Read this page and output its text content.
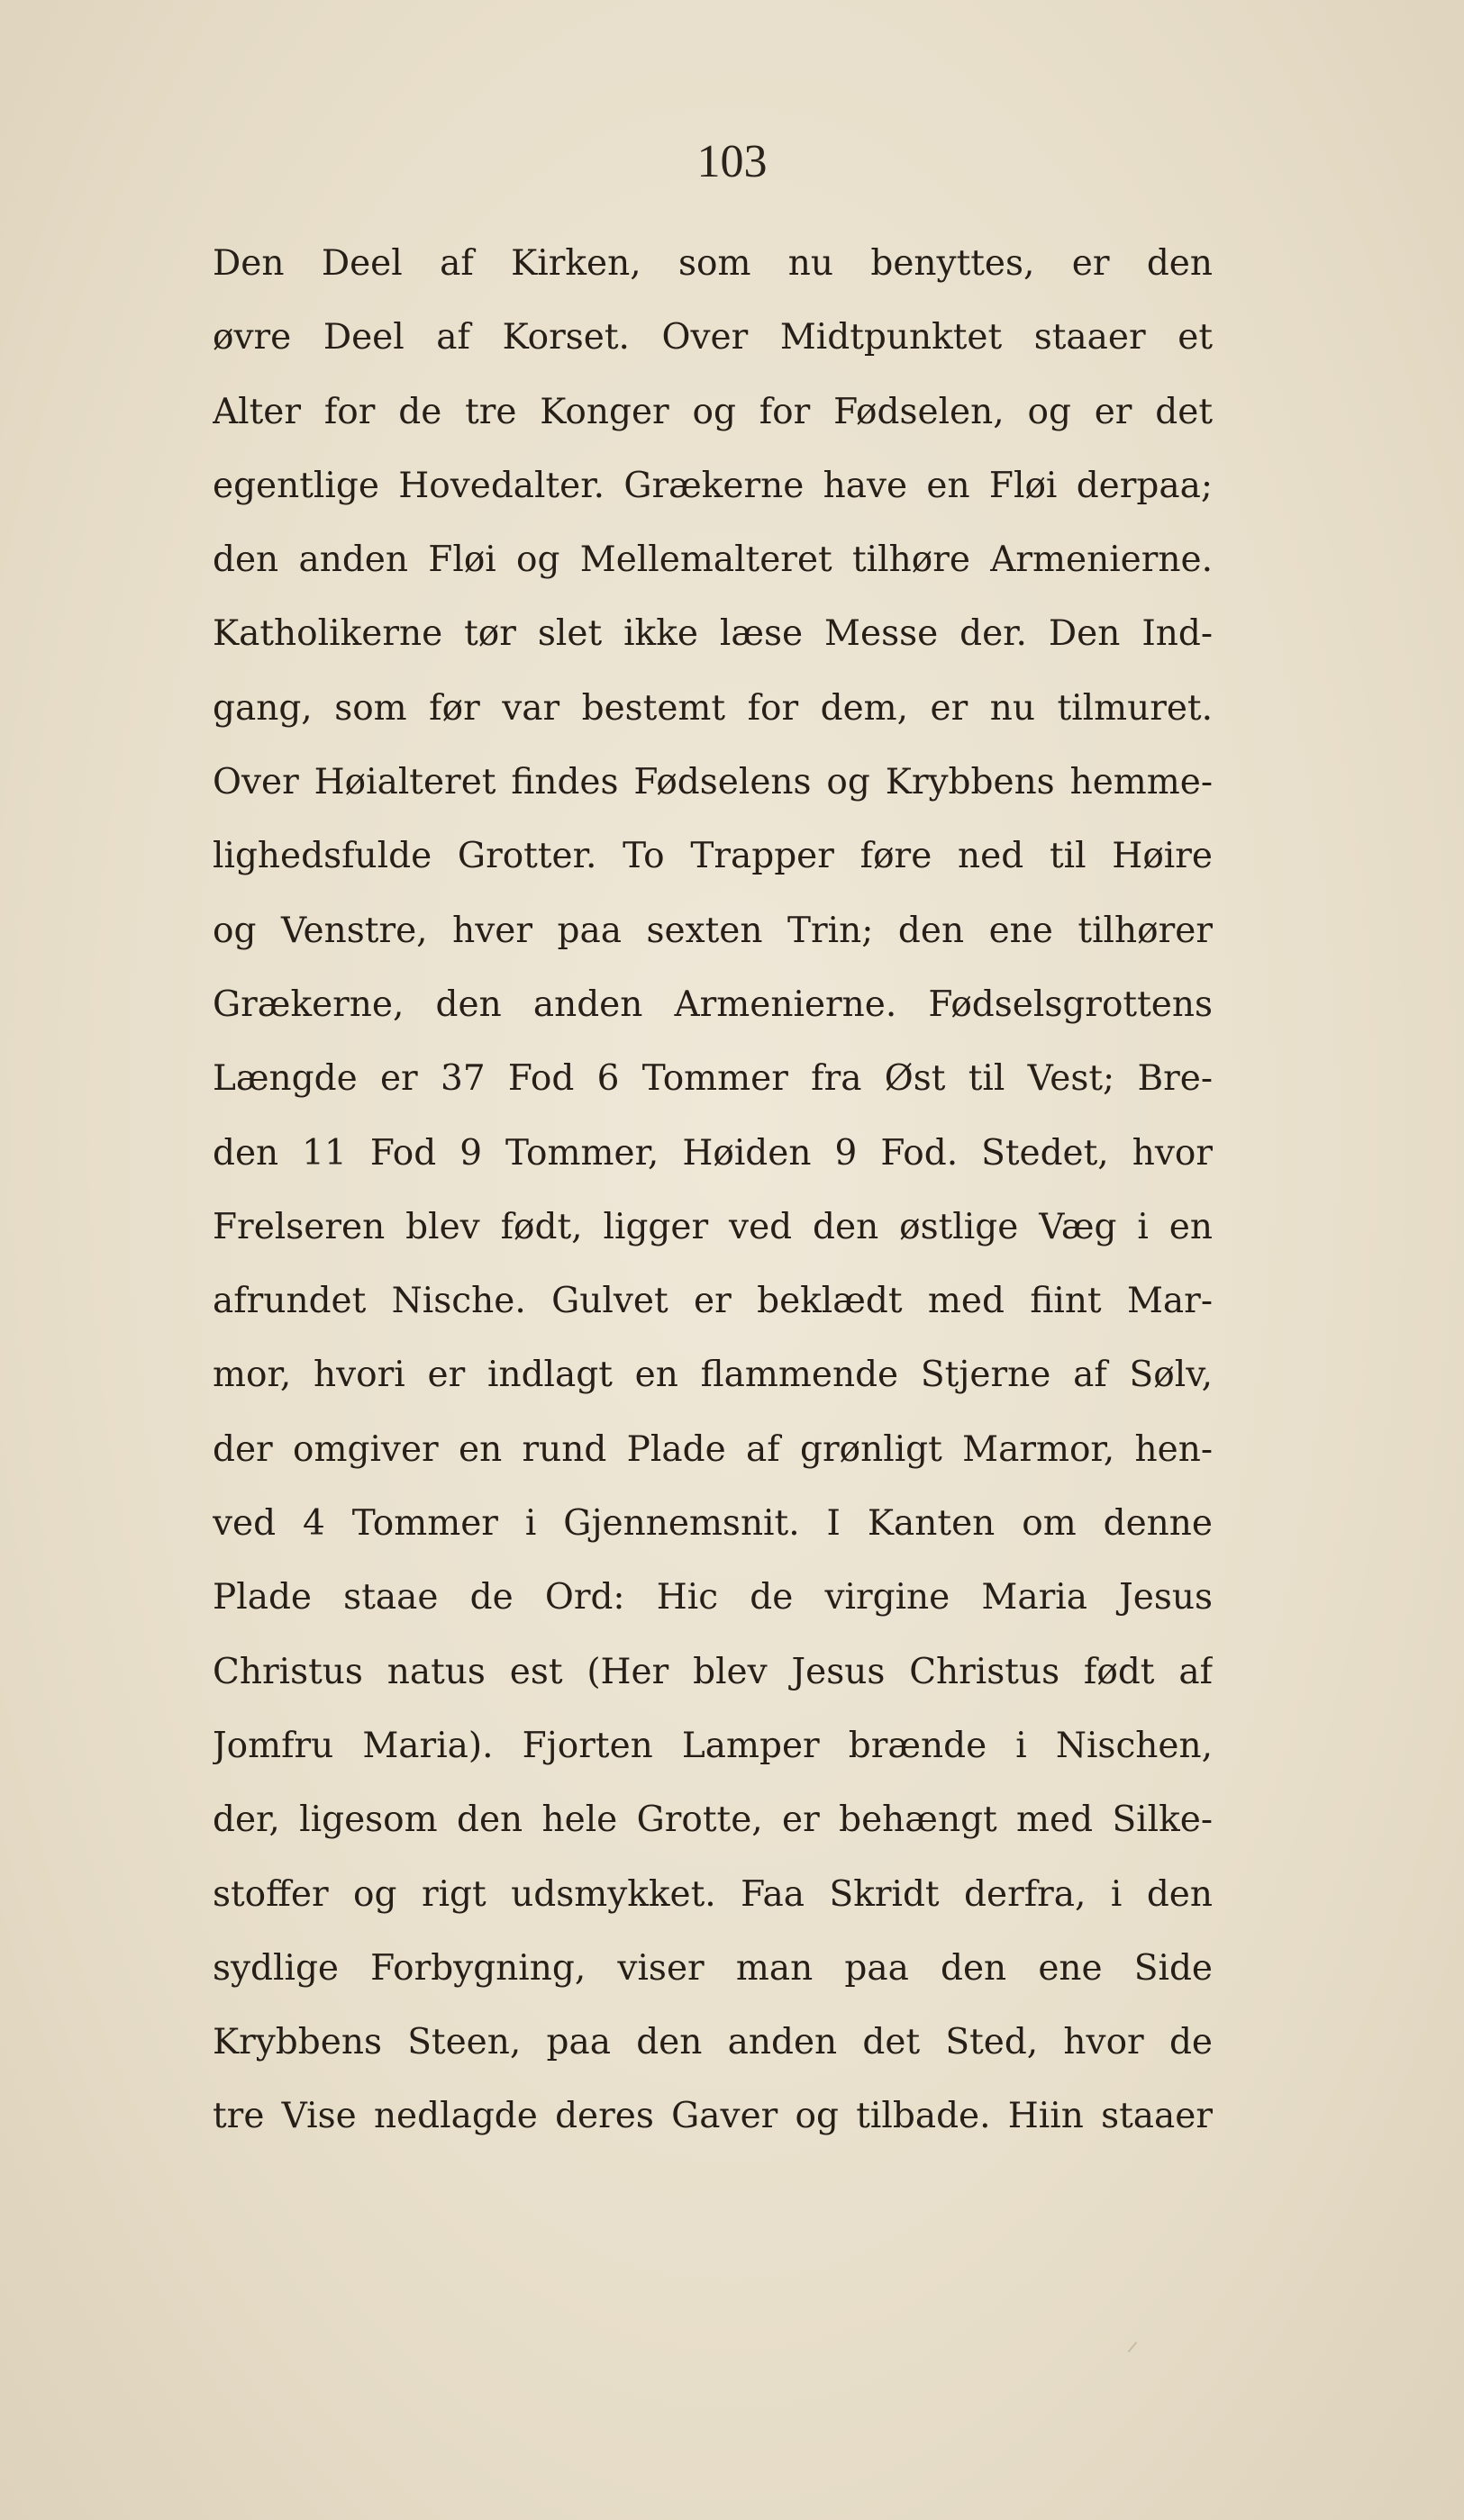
103
Den Deel af Kirken, som nu benyttes, er den
øvre Deel af Korset. Over Midtpunktet staaer et
Alter for de tre Konger og for Fødselen, og er det
egentlige Hovedalter. Grækerne have en Fløi derpaa;
den anden Fløi og Mellemalteret tilhøre Armenierne.
Katholikerne tør slet ikke læse Messe der. Den Ind-
gang, som før var bestemt for dem, er nu tilmuret.
Over Høialteret findes Fødselens og Krybbens hemme-
lighedsfulde Grotter. To Trapper føre ned til Høire
og Venstre, hver paa sexten Trin; den ene tilhører
Grækerne, den anden Armenierne. Fødselsgrottens
Længde er 37 Fod 6 Tommer fra Øst til Vest; Bre-
den 11 Fod 9 Tommer, Høiden 9 Fod. Stedet, hvor
Frelseren blev født, ligger ved den østlige Væg i en
afrundet Nische. Gulvet er beklædt med fiint Mar-
mor, hvori er indlagt en flammende Stjerne af Sølv,
der omgiver en rund Plade af grønligt Marmor, hen-
ved 4 Tommer i Gjennemsnit. I Kanten om denne
Plade staae de Ord: Hic de virgine Maria Jesus
Christus natus est (Her blev Jesus Christus født af
Jomfru Maria). Fjorten Lamper brænde i Nischen,
der, ligesom den hele Grotte, er behængt med Silke-
stoffer og rigt udsmykket. Faa Skridt derfra, i den
sydlige Forbygning, viser man paa den ene Side
Krybbens Steen, paa den anden det Sted, hvor de
tre Vise nedlagde deres Gaver og tilbade. Hiin staaer
